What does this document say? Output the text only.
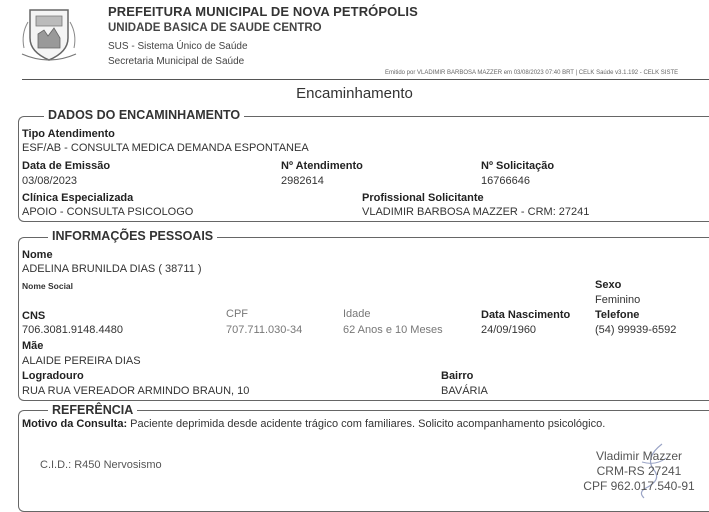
PREFEITURA MUNICIPAL DE NOVA PETRÓPOLIS
UNIDADE BASICA DE SAUDE CENTRO
SUS - Sistema Único de Saúde
Secretaria Municipal de Saúde
Emitido por VLADIMIR BARBOSA MAZZER em 03/08/2023 07:40 BRT | CELK Saúde v3.1.192 - CELK SISTE
Encaminhamento
DADOS DO ENCAMINHAMENTO
Tipo Atendimento
ESF/AB - CONSULTA MEDICA DEMANDA ESPONTANEA
Data de Emissão
03/08/2023
Nº Atendimento
2982614
Nº Solicitação
16766646
Clínica Especializada
APOIO - CONSULTA PSICOLOGO
Profissional Solicitante
VLADIMIR BARBOSA MAZZER - CRM: 27241
INFORMAÇÕES PESSOAIS
Nome
ADELINA BRUNILDA DIAS ( 38711 )
Nome Social	Sexo
Feminino
CNS
706.3081.9148.4480
CPF
707.711.030-34
Idade
62 Anos e 10 Meses
Data Nascimento
24/09/1960
Telefone
(54) 99939-6592
Mãe
ALAIDE PEREIRA DIAS
Logradouro
RUA RUA VEREADOR ARMINDO BRAUN, 10
Bairro
BAVÁRIA
REFERÊNCIA
Motivo da Consulta: Paciente deprimida desde acidente trágico com familiares. Solicito acompanhamento psicológico.
C.I.D.: R450 Nervosismo
Vladimir Mazzer
CRM-RS 27241
CPF 962.017.540-91
